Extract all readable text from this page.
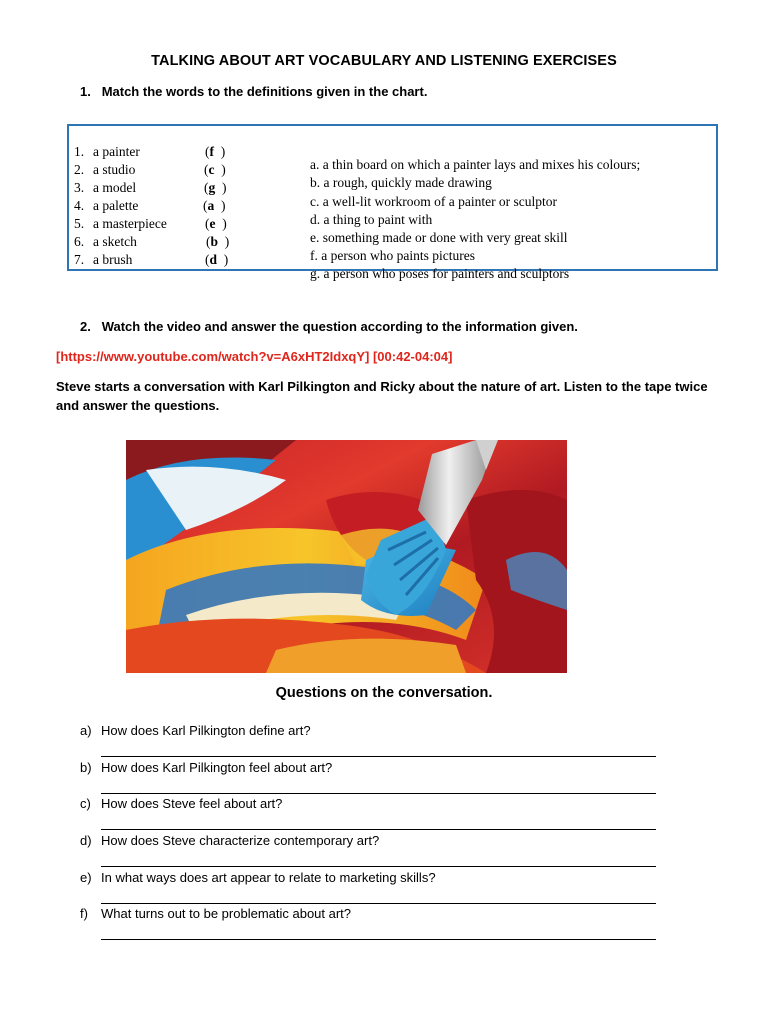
TALKING ABOUT ART VOCABULARY AND LISTENING EXERCISES
1. Match the words to the definitions given in the chart.
1. a painter	(f )
2. a studio	(c )
3. a model	(g )
4. a palette	(a )
5. a masterpiece	(e )
6. a sketch	(b )
7. a brush	(d )
a. a thin board on which a painter lays and mixes his colours;
b. a rough, quickly made drawing
c. a well-lit workroom of a painter or sculptor
d. a thing to paint with
e. something made or done with very great skill
f. a person who paints pictures
g. a person who poses for painters and sculptors
2. Watch the video and answer the question according to the information given.
[https://www.youtube.com/watch?v=A6xHT2IdxqY] [00:42-04:04]
Steve starts a conversation with Karl Pilkington and Ricky about the nature of art. Listen to the tape twice and answer the questions.
Questions on the conversation.
a) How does Karl Pilkington define art?
b) How does Karl Pilkington feel about art?
c) How does Steve feel about art?
d) How does Steve characterize contemporary art?
e) In what ways does art appear to relate to marketing skills?
f) What turns out to be problematic about art?
